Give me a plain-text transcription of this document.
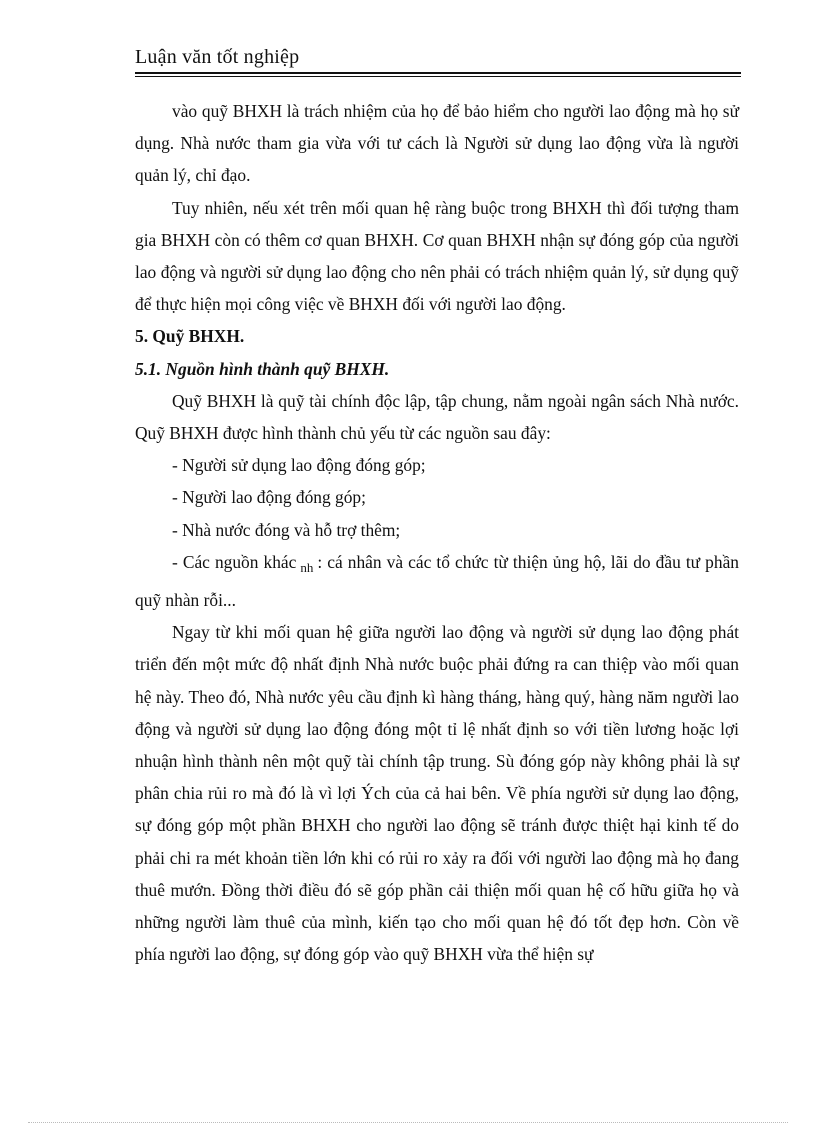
Luận văn tốt nghiệp

vào quỹ BHXH là trách nhiệm của họ để bảo hiểm cho người lao động mà họ sử dụng. Nhà nước tham gia vừa với tư cách là Người sử dụng lao động vừa là người quản lý, chỉ đạo.

Tuy nhiên, nếu xét trên mối quan hệ ràng buộc trong BHXH thì đối tượng tham gia BHXH còn có thêm cơ quan BHXH. Cơ quan BHXH nhận sự đóng góp của người lao động và người sử dụng lao động cho nên phải có trách nhiệm quản lý, sử dụng quỹ để thực hiện mọi công việc về BHXH đối với người lao động.

5. Quỹ BHXH.

5.1. Nguồn hình thành quỹ BHXH.

Quỹ BHXH là quỹ tài chính độc lập, tập chung, nằm ngoài ngân sách Nhà nước. Quỹ BHXH được hình thành chủ yếu từ các nguồn sau đây:

- Người sử dụng lao động đóng góp;

- Người lao động đóng góp;

- Nhà nước đóng và hỗ trợ thêm;

- Các nguồn khác $_{nh}$ : cá nhân và các tổ chức từ thiện ủng hộ, lãi do đầu tư phần quỹ nhàn rỗi...

Ngay từ khi mối quan hệ giữa người lao động và người sử dụng lao động phát triển đến một mức độ nhất định Nhà nước buộc phải đứng ra can thiệp vào mối quan hệ này. Theo đó, Nhà nước yêu cầu định kì hàng tháng, hàng quý, hàng năm người lao động và người sử dụng lao động đóng một tỉ lệ nhất định so với tiền lương hoặc lợi nhuận hình thành nên một quỹ tài chính tập trung. Sù đóng góp này không phải là sự phân chia rủi ro mà đó là vì lợi Ých của cả hai bên. Về phía người sử dụng lao động, sự đóng góp một phần BHXH cho người lao động sẽ tránh được thiệt hại kinh tế do phải chi ra mét khoản tiền lớn khi có rủi ro xảy ra đối với người lao động mà họ đang thuê mướn. Đồng thời điều đó sẽ góp phần cải thiện mối quan hệ cố hữu giữa họ và những người làm thuê của mình, kiến tạo cho mối quan hệ đó tốt đẹp hơn. Còn về phía người lao động, sự đóng góp vào quỹ BHXH vừa thể hiện sự
